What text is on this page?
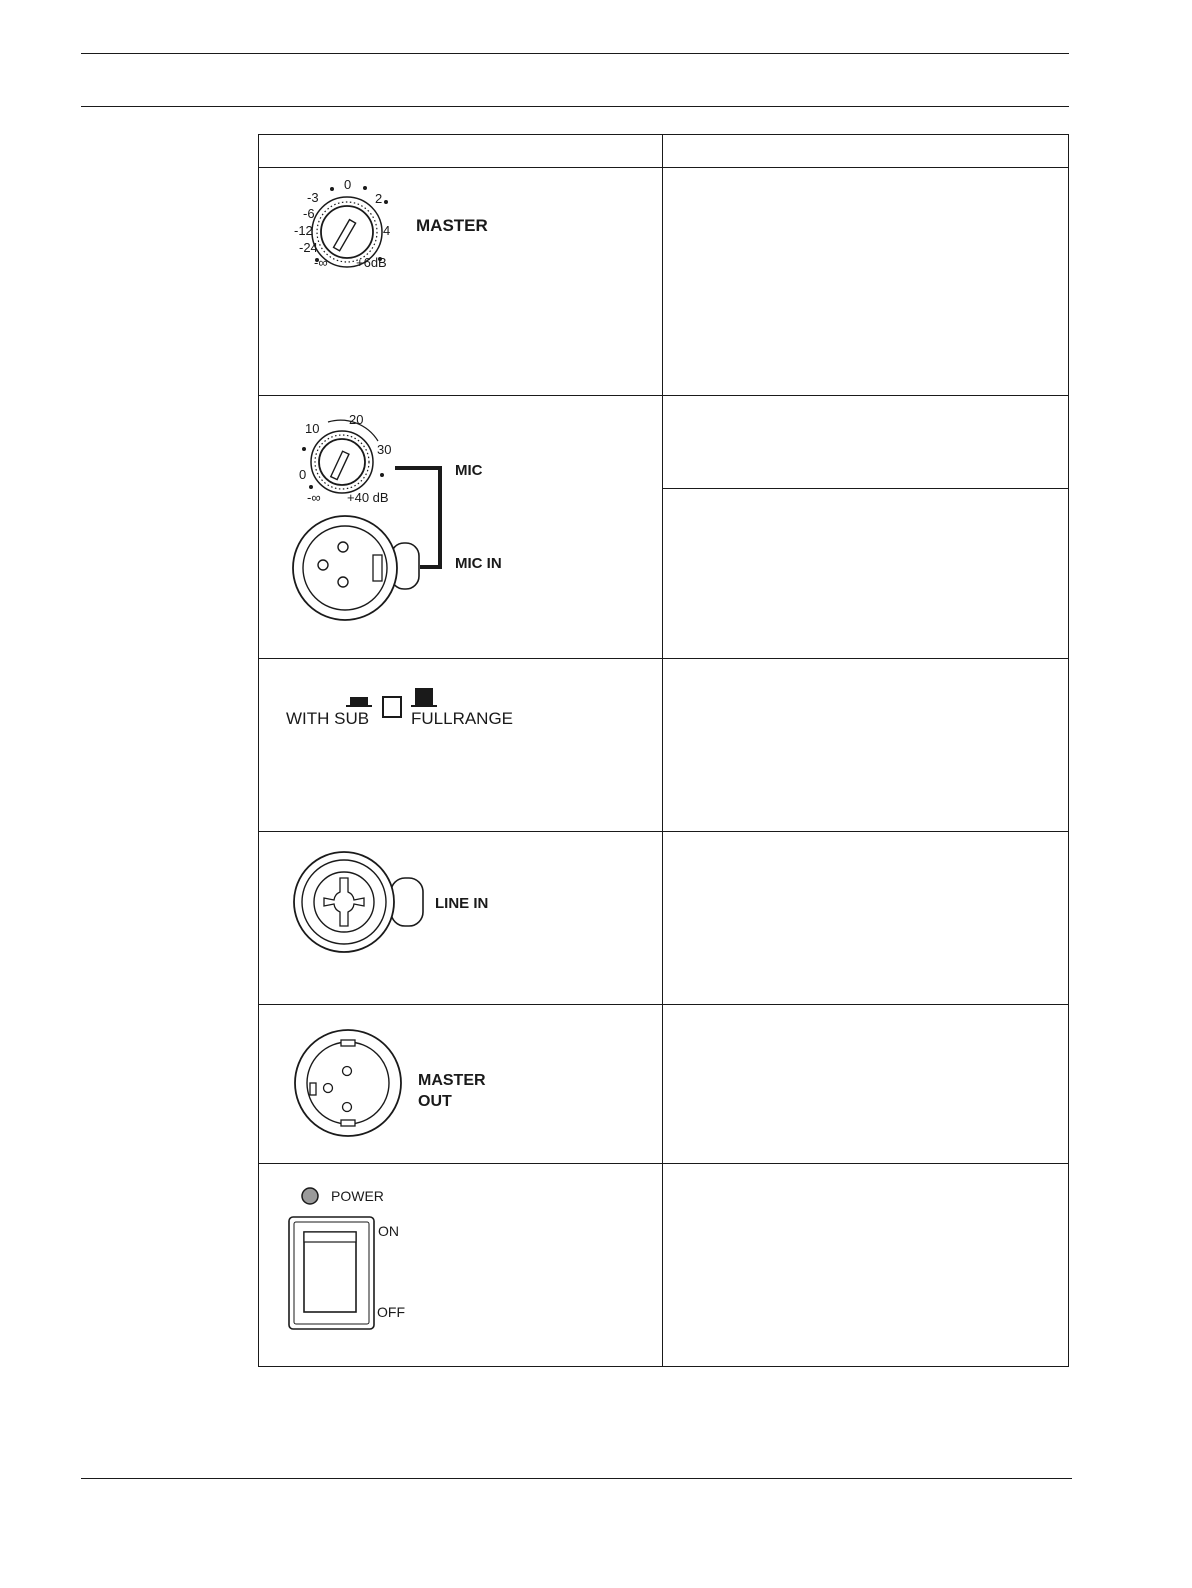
-∞
-24
-12
-6
-3
0
2
4
+6dB
MASTER
-∞
0
10
20
30
+40 dB
MIC
MIC IN
WITH SUB FULLRANGE
LINE IN
MASTER
OUT
POWER
ON
OFF
